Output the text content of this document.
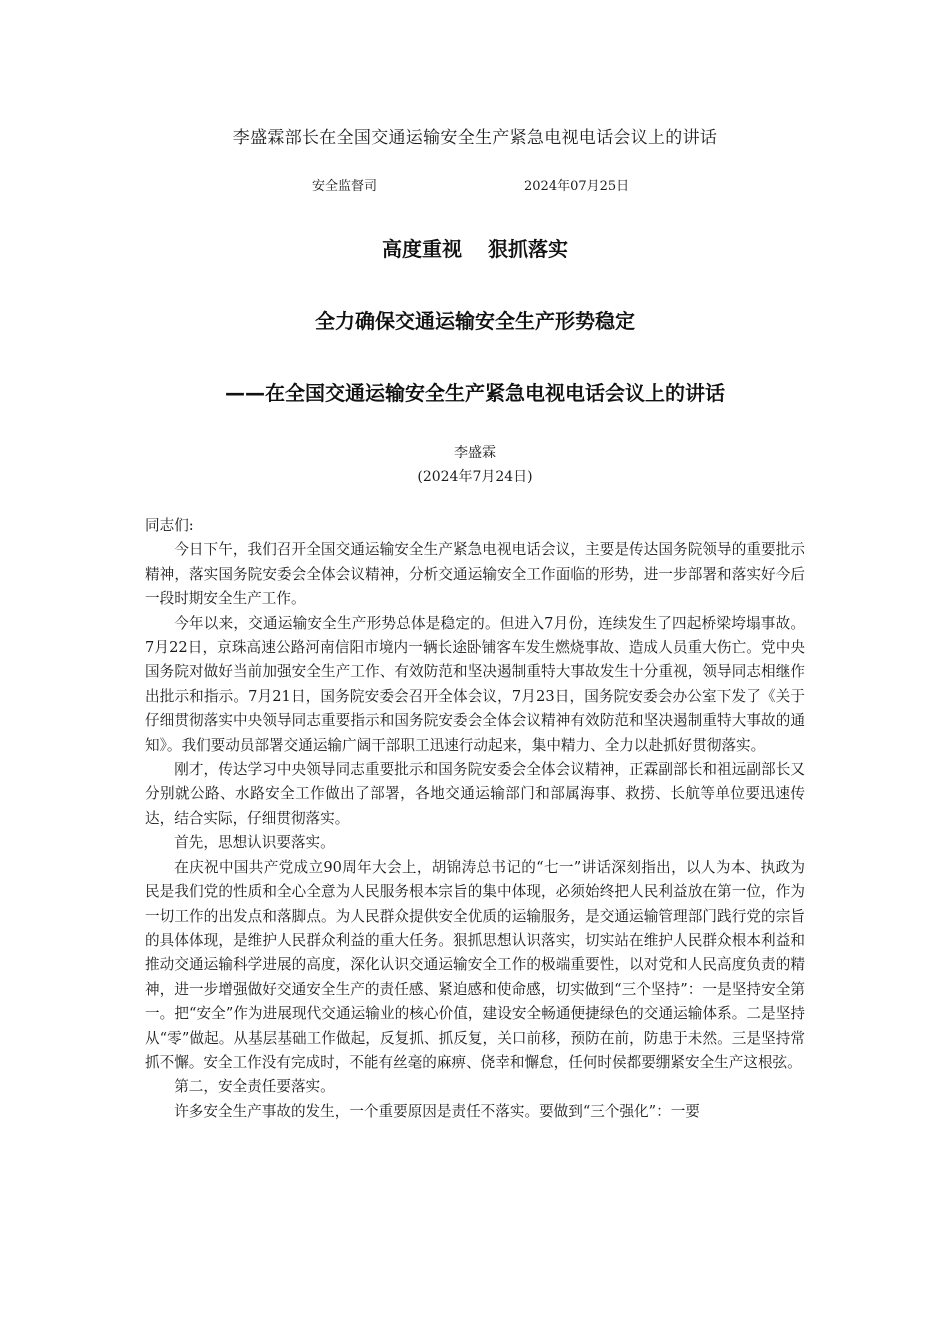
李盛霖部长在全国交通运输安全生产紧急电视电话会议上的讲话
安全监督司	2024年07月25日
高度重视 狠抓落实
全力确保交通运输安全生产形势稳定
——在全国交通运输安全生产紧急电视电话会议上的讲话
李盛霖
(2024年7月24日)

同志们:

今日下午，我们召开全国交通运输安全生产紧急电视电话会议，主要是传达国务院领导的重要批示精神，落实国务院安委会全体会议精神，分析交通运输安全工作面临的形势，进一步部署和落实好今后一段时期安全生产工作。

今年以来，交通运输安全生产形势总体是稳定的。但进入7月份，连续发生了四起桥梁垮塌事故。7月22日，京珠高速公路河南信阳市境内一辆长途卧铺客车发生燃烧事故、造成人员重大伤亡。党中央国务院对做好当前加强安全生产工作、有效防范和坚决遏制重特大事故发生十分重视，领导同志相继作出批示和指示。7月21日，国务院安委会召开全体会议，7月23日，国务院安委会办公室下发了《关于仔细贯彻落实中央领导同志重要指示和国务院安委会全体会议精神有效防范和坚决遏制重特大事故的通知》。我们要动员部署交通运输广阔干部职工迅速行动起来，集中精力、全力以赴抓好贯彻落实。

刚才，传达学习中央领导同志重要批示和国务院安委会全体会议精神，正霖副部长和祖远副部长又分别就公路、水路安全工作做出了部署，各地交通运输部门和部属海事、救捞、长航等单位要迅速传达，结合实际，仔细贯彻落实。

首先，思想认识要落实。

在庆祝中国共产党成立90周年大会上，胡锦涛总书记的“七一”讲话深刻指出，以人为本、执政为民是我们党的性质和全心全意为人民服务根本宗旨的集中体现，必须始终把人民利益放在第一位，作为一切工作的出发点和落脚点。为人民群众提供安全优质的运输服务，是交通运输管理部门践行党的宗旨的具体体现，是维护人民群众利益的重大任务。狠抓思想认识落实，切实站在维护人民群众根本利益和推动交通运输科学进展的高度，深化认识交通运输安全工作的极端重要性，以对党和人民高度负责的精神，进一步增强做好交通安全生产的责任感、紧迫感和使命感，切实做到“三个坚持”：一是坚持安全第一。把“安全”作为进展现代交通运输业的核心价值，建设安全畅通便捷绿色的交通运输体系。二是坚持从“零”做起。从基层基础工作做起，反复抓、抓反复，关口前移，预防在前，防患于未然。三是坚持常抓不懈。安全工作没有完成时，不能有丝毫的麻痹、侥幸和懈怠，任何时侯都要绷紧安全生产这根弦。

第二，安全责任要落实。

许多安全生产事故的发生，一个重要原因是责任不落实。要做到“三个强化”：一要
